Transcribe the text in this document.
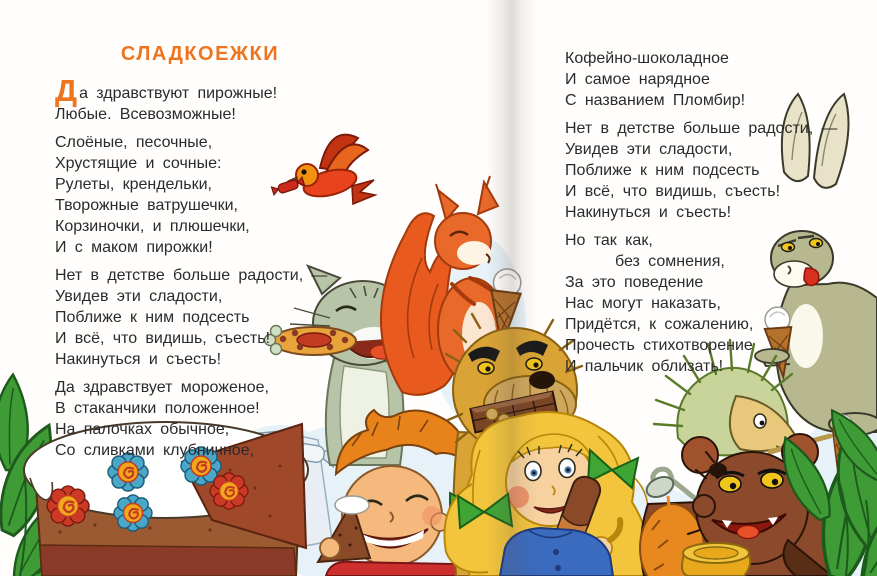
СЛАДКОЕЖКИ
Да здравствуют пирожные!
Любые. Всевозможные!
Слоёные, песочные,
Хрустящие и сочные:
Рулеты, крендельки,
Творожные ватрушечки,
Корзиночки, и плюшечки,
И с маком пирожки!
Нет в детстве больше радости, —
Увидев эти сладости,
Поближе к ним подсесть
И всё, что видишь, съесть!
Накинуться и съесть!
Да здравствует мороженое,
В стаканчики положенное!
На палочках обычное,
Со сливками клубничное,
Кофейно-шоколадное
И самое нарядное
С названием Пломбир!
Нет в детстве больше радости, —
Увидев эти сладости,
Поближе к ним подсесть
И всё, что видишь, съесть!
Накинуться и съесть!
Но так как,
без сомнения,
За это поведение
Нас могут наказать,
Придётся, к сожалению,
Прочесть стихотворение
И пальчик облизать!
